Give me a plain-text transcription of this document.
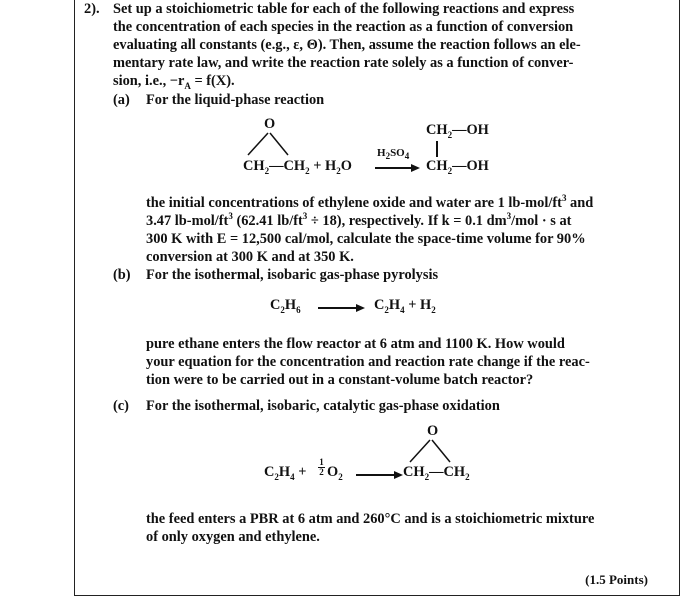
2). Set up a stoichiometric table for each of the following reactions and express
the concentration of each species in the reaction as a function of conversion
evaluating all constants (e.g., ε, Θ). Then, assume the reaction follows an ele-
mentary rate law, and write the reaction rate solely as a function of conver-
sion, i.e., $-r_A = f(X)$.
(a) For the liquid-phase reaction
O
$CH_2—CH_2 + H_2O$
$H_2SO_4$
$CH_2—OH$
$CH_2—OH$
the initial concentrations of ethylene oxide and water are 1 $lb-mol/ft^3$ and
3.47 $lb-mol/ft^3$ (62.41 $lb/ft^3 \div 18$), respectively. If k = 0.1 $dm^3$/mol · s at
300 K with E = 12,500 cal/mol, calculate the space-time volume for 90%
conversion at 300 K and at 350 K.
(b) For the isothermal, isobaric gas-phase pyrolysis
$C_2H_6$	$C_2H_4 + H_2$
pure ethane enters the flow reactor at 6 atm and 1100 K. How would
your equation for the concentration and reaction rate change if the reac-
tion were to be carried out in a constant-volume batch reactor?
(c) For the isothermal, isobaric, catalytic gas-phase oxidation
$C_2H_4 + \frac{1}{2} O_2$
O
$CH_2—CH_2$
the feed enters a PBR at 6 atm and 260°C and is a stoichiometric mixture
of only oxygen and ethylene.
(1.5 Points)
